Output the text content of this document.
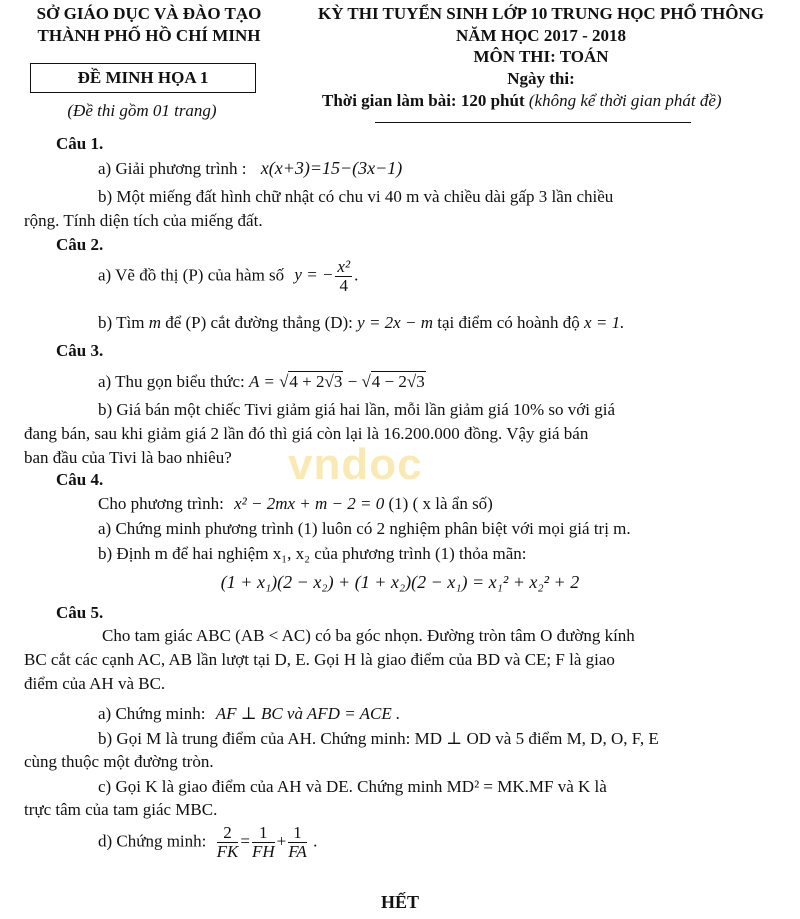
SỞ GIÁO DỤC VÀ ĐÀO TẠO
THÀNH PHỐ HỒ CHÍ MINH
ĐỀ MINH HỌA 1
(Đề thi gồm 01 trang)
KỲ THI TUYỂN SINH LỚP 10 TRUNG HỌC PHỔ THÔNG
NĂM HỌC 2017 - 2018
MÔN THI: TOÁN
Ngày thi:
Thời gian làm bài: 120 phút (không kể thời gian phát đề)
Câu 1.
a) Giải phương trình : x(x+3)=15−(3x−1)
b) Một miếng đất hình chữ nhật có chu vi 40 m và chiều dài gấp 3 lần chiều
rộng. Tính diện tích của miếng đất.
Câu 2.
a) Vẽ đồ thị (P) của hàm số y = − $\frac{\text{x²}}{4}$ .
b) Tìm m để (P) cắt đường thẳng (D): y = 2x − m tại điểm có hoành độ x = 1.
Câu 3.
a) Thu gọn biểu thức: A = √4 + 2√3 − √4 − 2√3
b) Giá bán một chiếc Tivi giảm giá hai lần, mỗi lần giảm giá 10% so với giá
đang bán, sau khi giảm giá 2 lần đó thì giá còn lại là 16.200.000 đồng. Vậy giá bán
ban đầu của Tivi là bao nhiêu? vndoc
Câu 4.
Cho phương trình: x² − 2mx + m − 2 = 0 (1) ( x là ẩn số)
a) Chứng minh phương trình (1) luôn có 2 nghiệm phân biệt với mọi giá trị m.
b) Định m để hai nghiệm x₁, x₂ của phương trình (1) thỏa mãn:
(1 + x₁)(2 − x₂) + (1 + x₂)(2 − x₁) = x₁² + x₂² + 2
Câu 5.
Cho tam giác ABC (AB < AC) có ba góc nhọn. Đường tròn tâm O đường kính
BC cắt các cạnh AC, AB lần lượt tại D, E. Gọi H là giao điểm của BD và CE; F là giao
điểm của AH và BC.
a) Chứng minh: AF ⊥ BC và AFD = ACE .
b) Gọi M là trung điểm của AH. Chứng minh: MD ⊥ OD và 5 điểm M, D, O, F, E
cùng thuộc một đường tròn.
c) Gọi K là giao điểm của AH và DE. Chứng minh MD² = MK.MF và K là
trực tâm của tam giác MBC.
d) Chứng minh: $\frac{2}{FK} = \frac{1}{FH} + \frac{1}{FA}$ .
HẾT
